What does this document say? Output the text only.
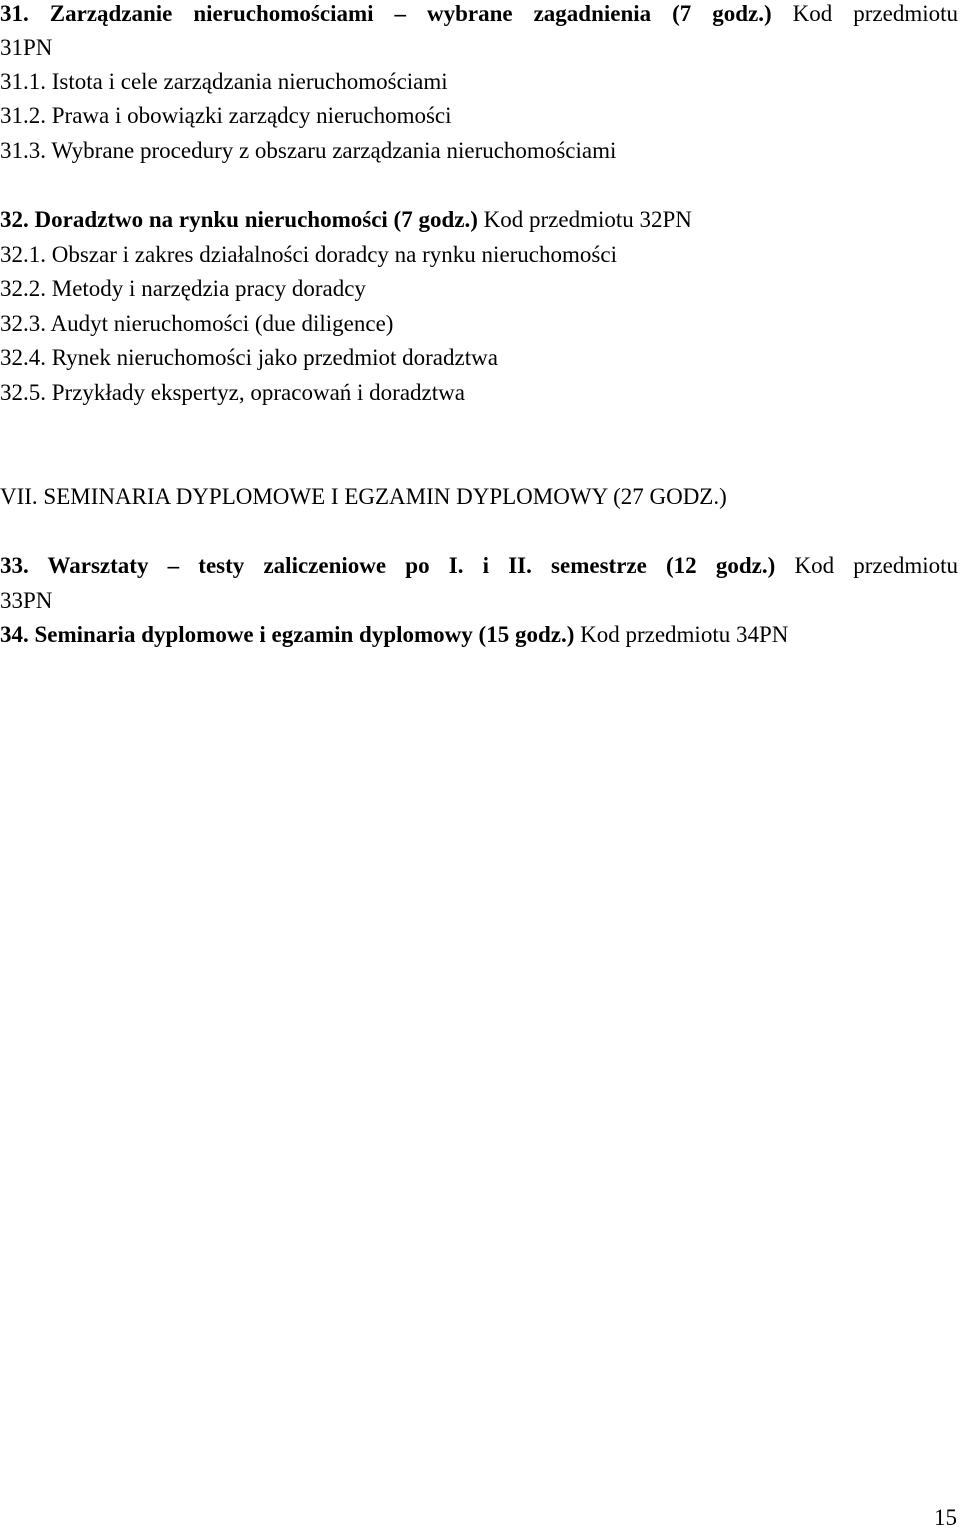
31. Zarządzanie nieruchomościami – wybrane zagadnienia (7 godz.) Kod przedmiotu
31PN
31.1. Istota i cele zarządzania nieruchomościami
31.2. Prawa i obowiązki zarządcy nieruchomości
31.3. Wybrane procedury z obszaru zarządzania nieruchomościami
32. Doradztwo na rynku nieruchomości (7 godz.) Kod przedmiotu 32PN
32.1. Obszar i zakres działalności doradcy na rynku nieruchomości
32.2. Metody i narzędzia pracy doradcy
32.3. Audyt nieruchomości (due diligence)
32.4. Rynek nieruchomości jako przedmiot doradztwa
32.5. Przykłady ekspertyz, opracowań i doradztwa
VII. SEMINARIA DYPLOMOWE I EGZAMIN DYPLOMOWY (27 GODZ.)
33. Warsztaty – testy zaliczeniowe po I. i II. semestrze (12 godz.) Kod przedmiotu
33PN
34. Seminaria dyplomowe i egzamin dyplomowy (15 godz.) Kod przedmiotu 34PN
15
